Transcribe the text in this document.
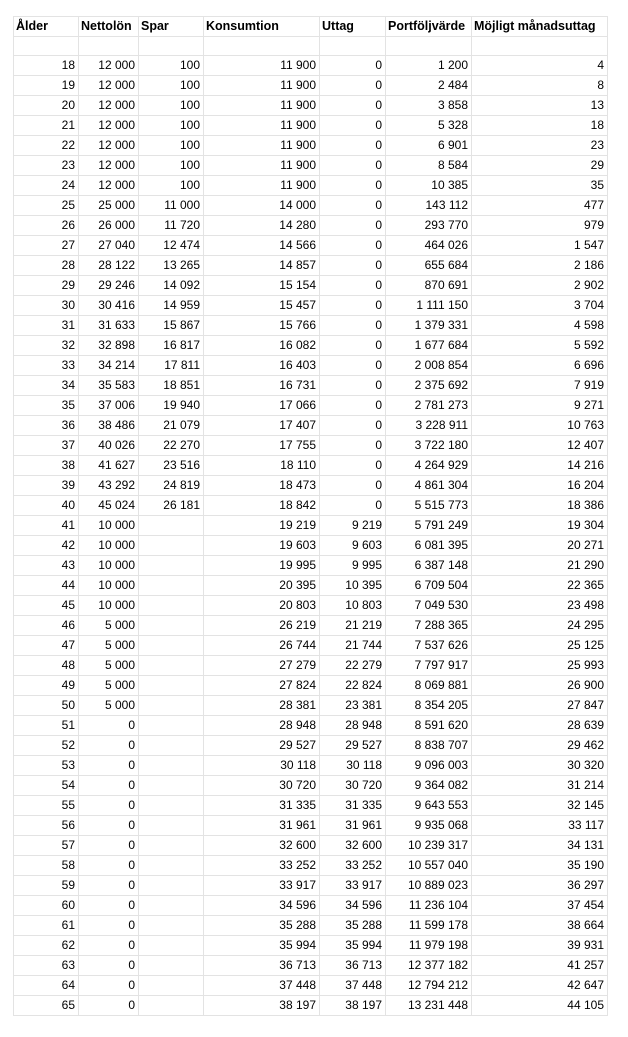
Ålder	Nettolön	Spar	Konsumtion	Uttag	Portföljvärde	Möjligt månadsuttag

18	12 000	100	11 900	0	1 200	4
19	12 000	100	11 900	0	2 484	8
20	12 000	100	11 900	0	3 858	13
21	12 000	100	11 900	0	5 328	18
22	12 000	100	11 900	0	6 901	23
23	12 000	100	11 900	0	8 584	29
24	12 000	100	11 900	0	10 385	35
25	25 000	11 000	14 000	0	143 112	477
26	26 000	11 720	14 280	0	293 770	979
27	27 040	12 474	14 566	0	464 026	1 547
28	28 122	13 265	14 857	0	655 684	2 186
29	29 246	14 092	15 154	0	870 691	2 902
30	30 416	14 959	15 457	0	1 111 150	3 704
31	31 633	15 867	15 766	0	1 379 331	4 598
32	32 898	16 817	16 082	0	1 677 684	5 592
33	34 214	17 811	16 403	0	2 008 854	6 696
34	35 583	18 851	16 731	0	2 375 692	7 919
35	37 006	19 940	17 066	0	2 781 273	9 271
36	38 486	21 079	17 407	0	3 228 911	10 763
37	40 026	22 270	17 755	0	3 722 180	12 407
38	41 627	23 516	18 110	0	4 264 929	14 216
39	43 292	24 819	18 473	0	4 861 304	16 204
40	45 024	26 181	18 842	0	5 515 773	18 386
41	10 000		19 219	9 219	5 791 249	19 304
42	10 000		19 603	9 603	6 081 395	20 271
43	10 000		19 995	9 995	6 387 148	21 290
44	10 000		20 395	10 395	6 709 504	22 365
45	10 000		20 803	10 803	7 049 530	23 498
46	5 000		26 219	21 219	7 288 365	24 295
47	5 000		26 744	21 744	7 537 626	25 125
48	5 000		27 279	22 279	7 797 917	25 993
49	5 000		27 824	22 824	8 069 881	26 900
50	5 000		28 381	23 381	8 354 205	27 847
51	0		28 948	28 948	8 591 620	28 639
52	0		29 527	29 527	8 838 707	29 462
53	0		30 118	30 118	9 096 003	30 320
54	0		30 720	30 720	9 364 082	31 214
55	0		31 335	31 335	9 643 553	32 145
56	0		31 961	31 961	9 935 068	33 117
57	0		32 600	32 600	10 239 317	34 131
58	0		33 252	33 252	10 557 040	35 190
59	0		33 917	33 917	10 889 023	36 297
60	0		34 596	34 596	11 236 104	37 454
61	0		35 288	35 288	11 599 178	38 664
62	0		35 994	35 994	11 979 198	39 931
63	0		36 713	36 713	12 377 182	41 257
64	0		37 448	37 448	12 794 212	42 647
65	0		38 197	38 197	13 231 448	44 105
